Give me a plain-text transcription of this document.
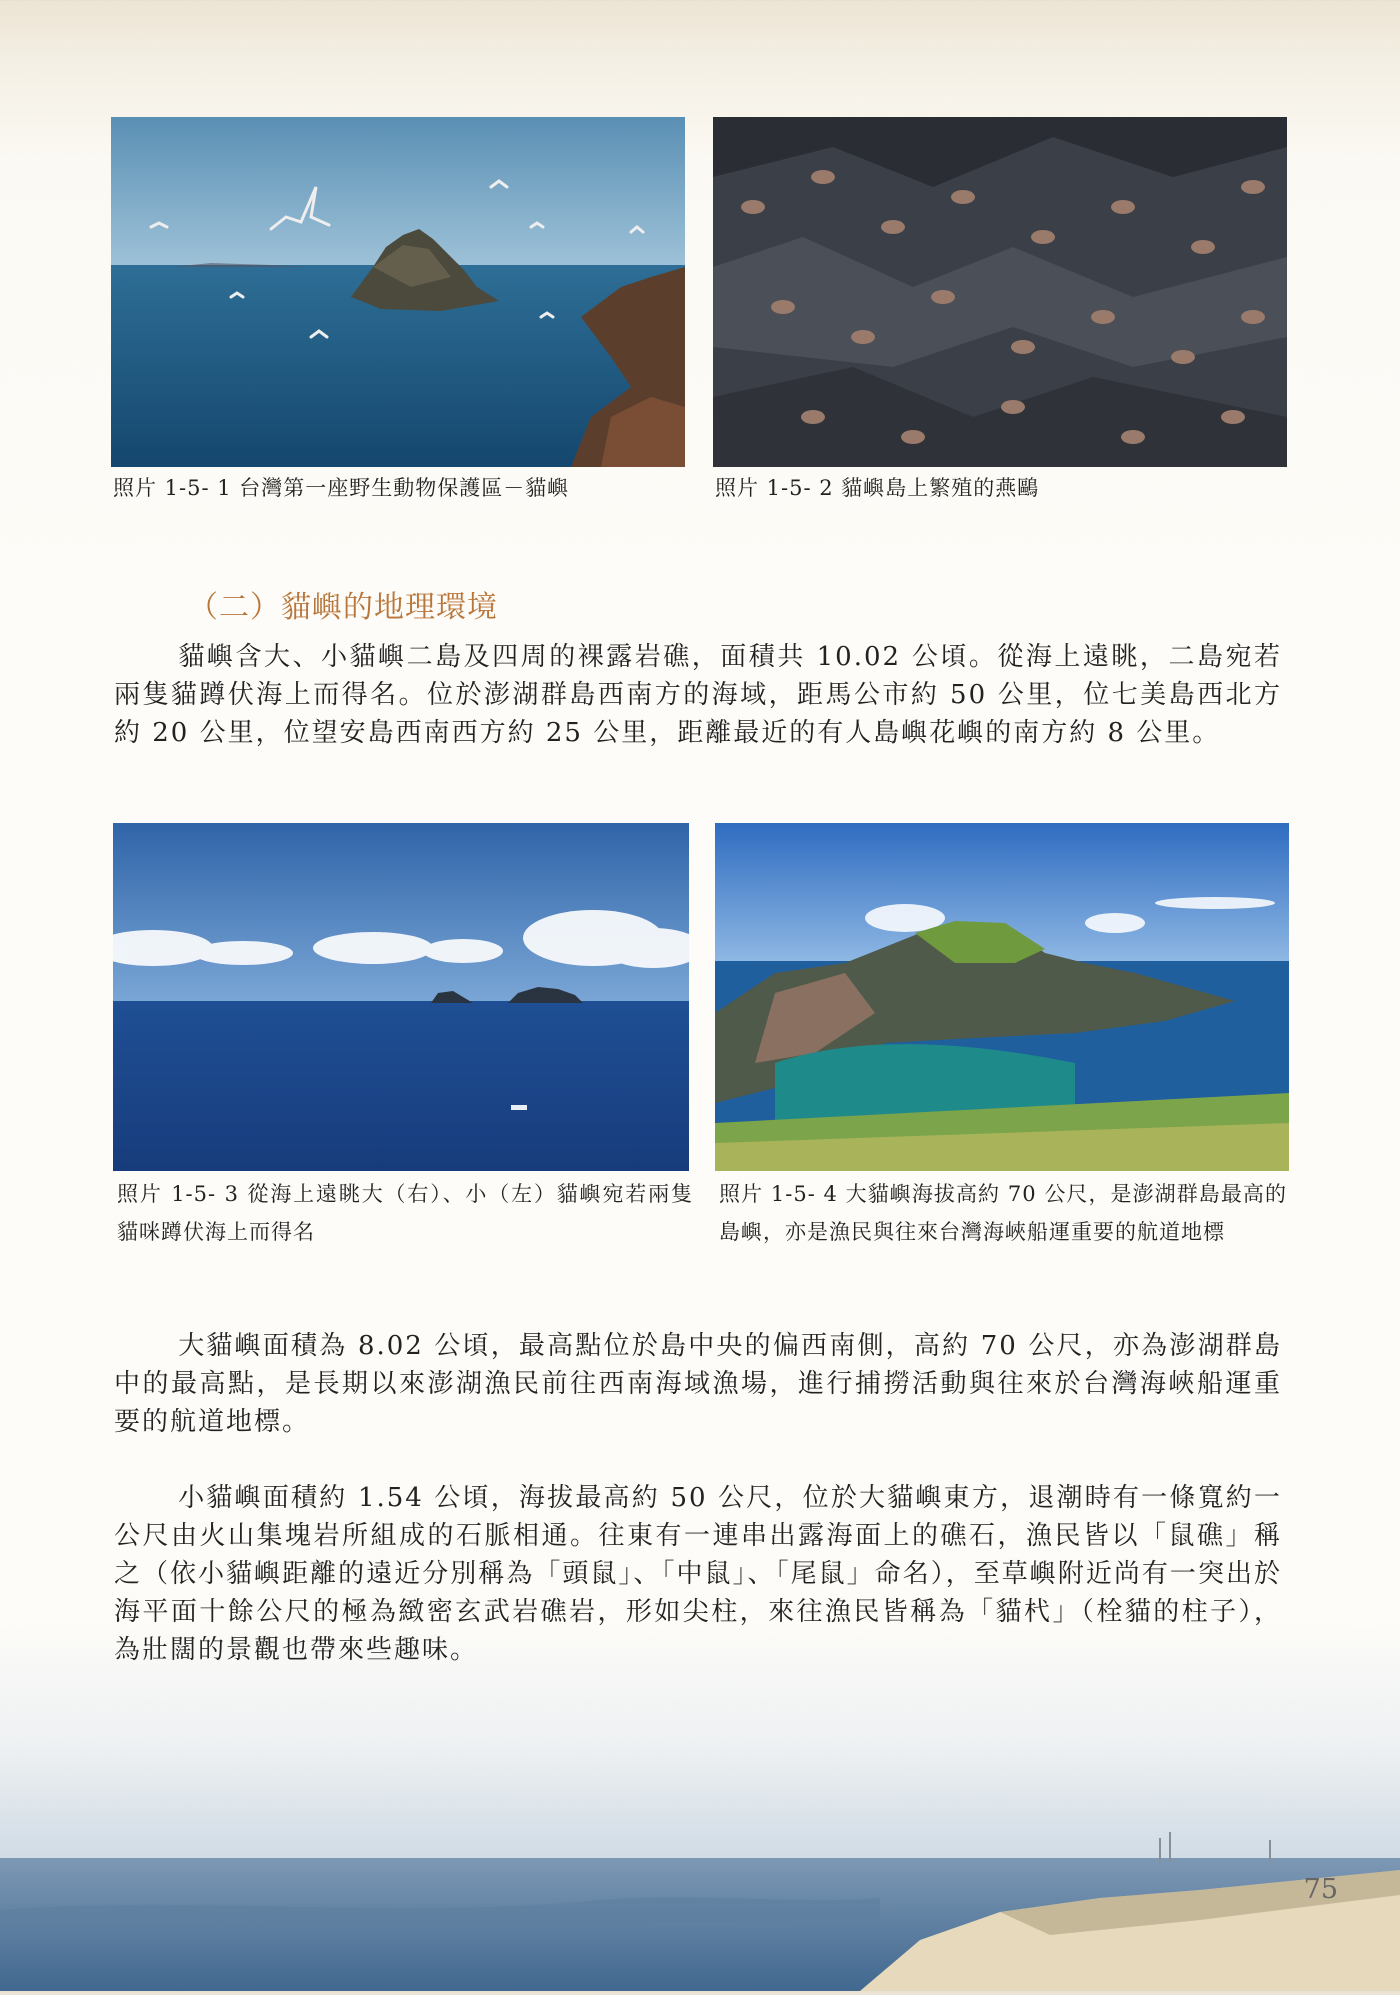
照片 1-5- 1 台灣第一座野生動物保護區－貓嶼	照片 1-5- 2 貓嶼島上繁殖的燕鷗
（二）貓嶼的地理環境

貓嶼含大、小貓嶼二島及四周的裸露岩礁，面積共 10.02 公頃。從海上遠眺，二島宛若兩隻貓蹲伏海上而得名。位於澎湖群島西南方的海域，距馬公市約 50 公里，位七美島西北方約 20 公里，位望安島西南西方約 25 公里，距離最近的有人島嶼花嶼的南方約 8 公里。

照片 1-5- 3 從海上遠眺大（右）、小（左）貓嶼宛若兩隻貓咪蹲伏海上而得名
照片 1-5- 4 大貓嶼海拔高約 70 公尺，是澎湖群島最高的島嶼，亦是漁民與往來台灣海峽船運重要的航道地標

大貓嶼面積為 8.02 公頃，最高點位於島中央的偏西南側，高約 70 公尺，亦為澎湖群島中的最高點，是長期以來澎湖漁民前往西南海域漁場，進行捕撈活動與往來於台灣海峽船運重要的航道地標。

小貓嶼面積約 1.54 公頃，海拔最高約 50 公尺，位於大貓嶼東方，退潮時有一條寬約一公尺由火山集塊岩所組成的石脈相通。往東有一連串出露海面上的礁石，漁民皆以「鼠礁」稱之（依小貓嶼距離的遠近分別稱為「頭鼠」、「中鼠」、「尾鼠」命名），至草嶼附近尚有一突出於海平面十餘公尺的極為緻密玄武岩礁岩，形如尖柱，來往漁民皆稱為「貓杙」（栓貓的柱子），為壯闊的景觀也帶來些趣味。

75
